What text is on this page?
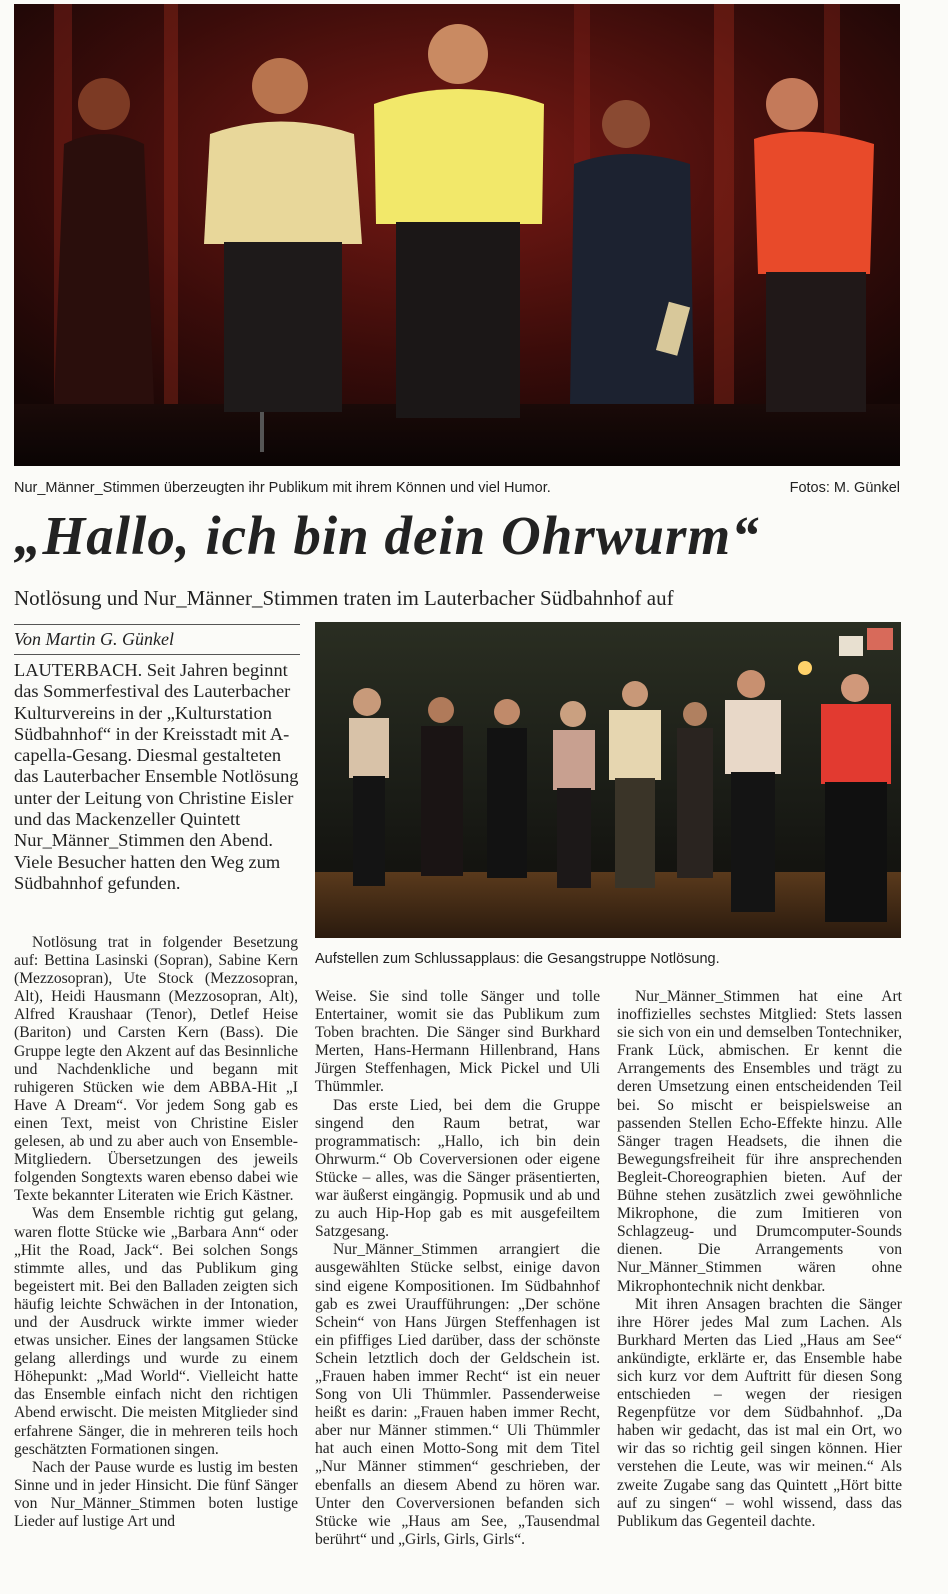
Nur_Männer_Stimmen überzeugten ihr Publikum mit ihrem Können und viel Humor.	Fotos: M. Günkel
„Hallo, ich bin dein Ohrwurm“
Notlösung und Nur_Männer_Stimmen traten im Lauterbacher Südbahnhof auf
Von Martin G. Günkel

LAUTERBACH. Seit Jahren beginnt das Sommerfestival des Lauterbacher Kulturvereins in der „Kulturstation Südbahnhof“ in der Kreisstadt mit A-capella-Gesang. Diesmal gestalteten das Lauterbacher Ensemble Notlösung unter der Leitung von Christine Eisler und das Mackenzeller Quintett Nur_Männer_Stimmen den Abend. Viele Besucher hatten den Weg zum Südbahnhof gefunden.

Aufstellen zum Schlussapplaus: die Gesangstruppe Notlösung.

Notlösung trat in folgender Besetzung auf: Bettina Lasinski (Sopran), Sabine Kern (Mezzosopran), Ute Stock (Mezzosopran, Alt), Heidi Hausmann (Mezzosopran, Alt), Alfred Kraushaar (Tenor), Detlef Heise (Bariton) und Carsten Kern (Bass). Die Gruppe legte den Akzent auf das Besinnliche und Nachdenkliche und begann mit ruhigeren Stücken wie dem ABBA-Hit „I Have A Dream“. Vor jedem Song gab es einen Text, meist von Christine Eisler gelesen, ab und zu aber auch von Ensemble-Mitgliedern. Übersetzungen des jeweils folgenden Songtexts waren ebenso dabei wie Texte bekannter Literaten wie Erich Kästner.

Was dem Ensemble richtig gut gelang, waren flotte Stücke wie „Barbara Ann“ oder „Hit the Road, Jack“. Bei solchen Songs stimmte alles, und das Publikum ging begeistert mit. Bei den Balladen zeigten sich häufig leichte Schwächen in der Intonation, und der Ausdruck wirkte immer wieder etwas unsicher. Eines der langsamen Stücke gelang allerdings und wurde zu einem Höhepunkt: „Mad World“. Vielleicht hatte das Ensemble einfach nicht den richtigen Abend erwischt. Die meisten Mitglieder sind erfahrene Sänger, die in mehreren teils hoch geschätzten Formationen singen.

Nach der Pause wurde es lustig im besten Sinne und in jeder Hinsicht. Die fünf Sänger von Nur_Männer_Stimmen boten lustige Lieder auf lustige Art und

Weise. Sie sind tolle Sänger und tolle Entertainer, womit sie das Publikum zum Toben brachten. Die Sänger sind Burkhard Merten, Hans-Hermann Hillenbrand, Hans Jürgen Steffenhagen, Mick Pickel und Uli Thümmler.

Das erste Lied, bei dem die Gruppe singend den Raum betrat, war programmatisch: „Hallo, ich bin dein Ohrwurm.“ Ob Coverversionen oder eigene Stücke – alles, was die Sänger präsentierten, war äußerst eingängig. Popmusik und ab und zu auch Hip-Hop gab es mit ausgefeiltem Satzgesang.

Nur_Männer_Stimmen arrangiert die ausgewählten Stücke selbst, einige davon sind eigene Kompositionen. Im Südbahnhof gab es zwei Uraufführungen: „Der schöne Schein“ von Hans Jürgen Steffenhagen ist ein pfiffiges Lied darüber, dass der schönste Schein letztlich doch der Geldschein ist. „Frauen haben immer Recht“ ist ein neuer Song von Uli Thümmler. Passenderweise heißt es darin: „Frauen haben immer Recht, aber nur Männer stimmen.“ Uli Thümmler hat auch einen Motto-Song mit dem Titel „Nur Männer stimmen“ geschrieben, der ebenfalls an diesem Abend zu hören war. Unter den Coverversionen befanden sich Stücke wie „Haus am See, „Tausendmal berührt“ und „Girls, Girls, Girls“.

Nur_Männer_Stimmen hat eine Art inoffizielles sechstes Mitglied: Stets lassen sie sich von ein und demselben Tontechniker, Frank Lück, abmischen. Er kennt die Arrangements des Ensembles und trägt zu deren Umsetzung einen entscheidenden Teil bei. So mischt er beispielsweise an passenden Stellen Echo-Effekte hinzu. Alle Sänger tragen Headsets, die ihnen die Bewegungsfreiheit für ihre ansprechenden Begleit-Choreographien bieten. Auf der Bühne stehen zusätzlich zwei gewöhnliche Mikrophone, die zum Imitieren von Schlagzeug- und Drumcomputer-Sounds dienen. Die Arrangements von Nur_Männer_Stimmen wären ohne Mikrophontechnik nicht denkbar.

Mit ihren Ansagen brachten die Sänger ihre Hörer jedes Mal zum Lachen. Als Burkhard Merten das Lied „Haus am See“ ankündigte, erklärte er, das Ensemble habe sich kurz vor dem Auftritt für diesen Song entschieden – wegen der riesigen Regenpfütze vor dem Südbahnhof. „Da haben wir gedacht, das ist mal ein Ort, wo wir das so richtig geil singen können. Hier verstehen die Leute, was wir meinen.“ Als zweite Zugabe sang das Quintett „Hört bitte auf zu singen“ – wohl wissend, dass das Publikum das Gegenteil dachte.
